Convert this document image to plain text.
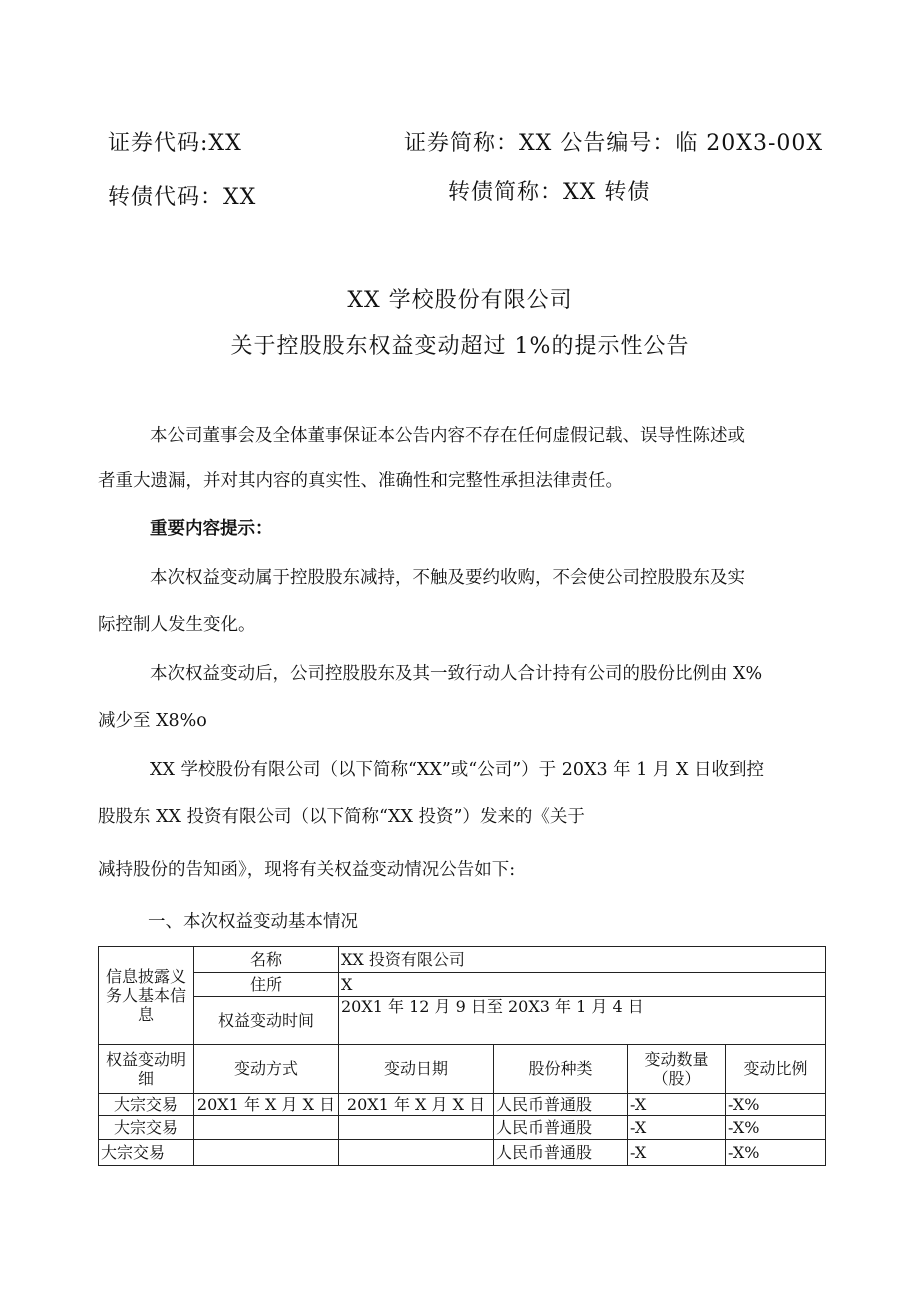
证券代码:XX	证券简称：XX 公告编号：临 20X3-00X
转债代码：XX	转债简称：XX 转债
XX 学校股份有限公司
关于控股股东权益变动超过 1%的提示性公告
本公司董事会及全体董事保证本公告内容不存在任何虚假记载、误导性陈述或
者重大遗漏，并对其内容的真实性、准确性和完整性承担法律责任。
重要内容提示：
本次权益变动属于控股股东减持，不触及要约收购，不会使公司控股股东及实
际控制人发生变化。
本次权益变动后，公司控股股东及其一致行动人合计持有公司的股份比例由 X%
减少至 X8%o
XX 学校股份有限公司（以下简称“XX”或“公司”）于 20X3 年 1 月 X 日收到控
股股东 XX 投资有限公司（以下简称“XX 投资”）发来的《关于
减持股份的告知函》，现将有关权益变动情况公告如下:
一、本次权益变动基本情况
信息披露义务人基本信息	名称	XX 投资有限公司			
	住所	X			
	权益变动时间	20X1 年 12 月 9 日至 20X3 年 1 月 4 日			
权益变动明细	变动方式	变动日期	股份种类	变动数量（股）	变动比例
大宗交易	20X1 年 X 月 X 日	20X1 年 X 月 X 日	人民币普通股	-X	-X%
大宗交易			人民币普通股	-X	-X%
大宗交易			人民币普通股	-X	-X%
